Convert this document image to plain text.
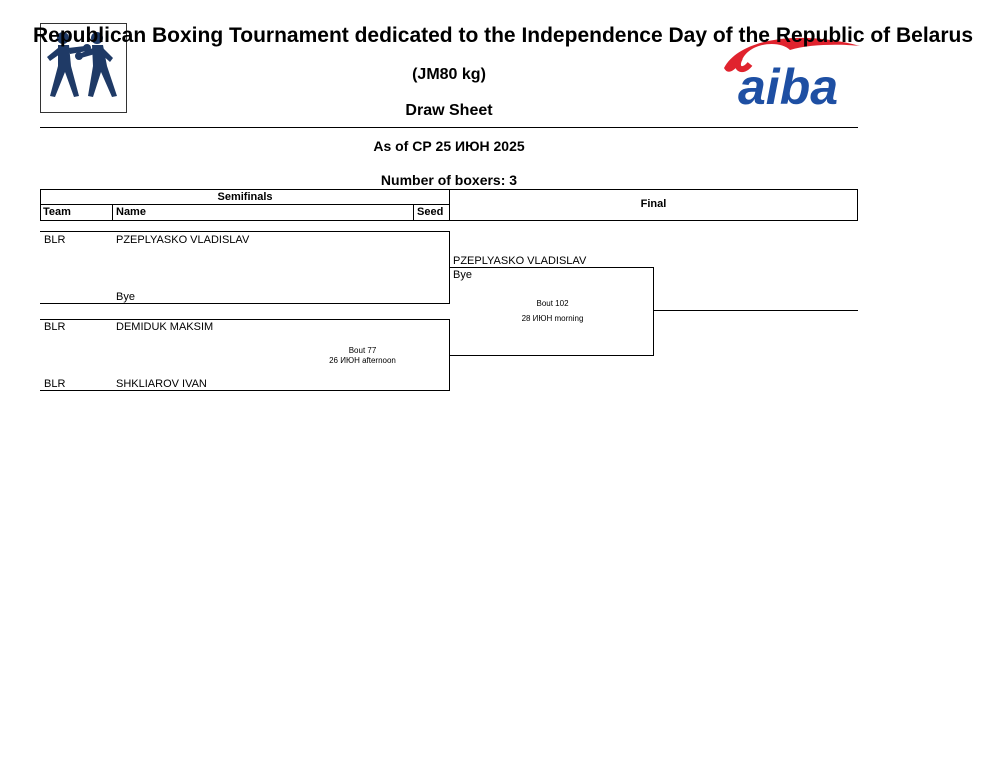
aiba
Republican Boxing Tournament dedicated to the Independence Day of the Republic of Belarus
(JM80 kg)
Draw Sheet
As of СР 25 ИЮН 2025
Number of boxers: 3
Semifinals
Final
Team	Name	Seed
BLR	PZEPLYASKO VLADISLAV
Bye
BLR	DEMIDUK MAKSIM
Bout 77
26 ИЮН afternoon
BLR	SHKLIAROV IVAN
PZEPLYASKO VLADISLAV
Bye
Bout 102
28 ИЮН morning
